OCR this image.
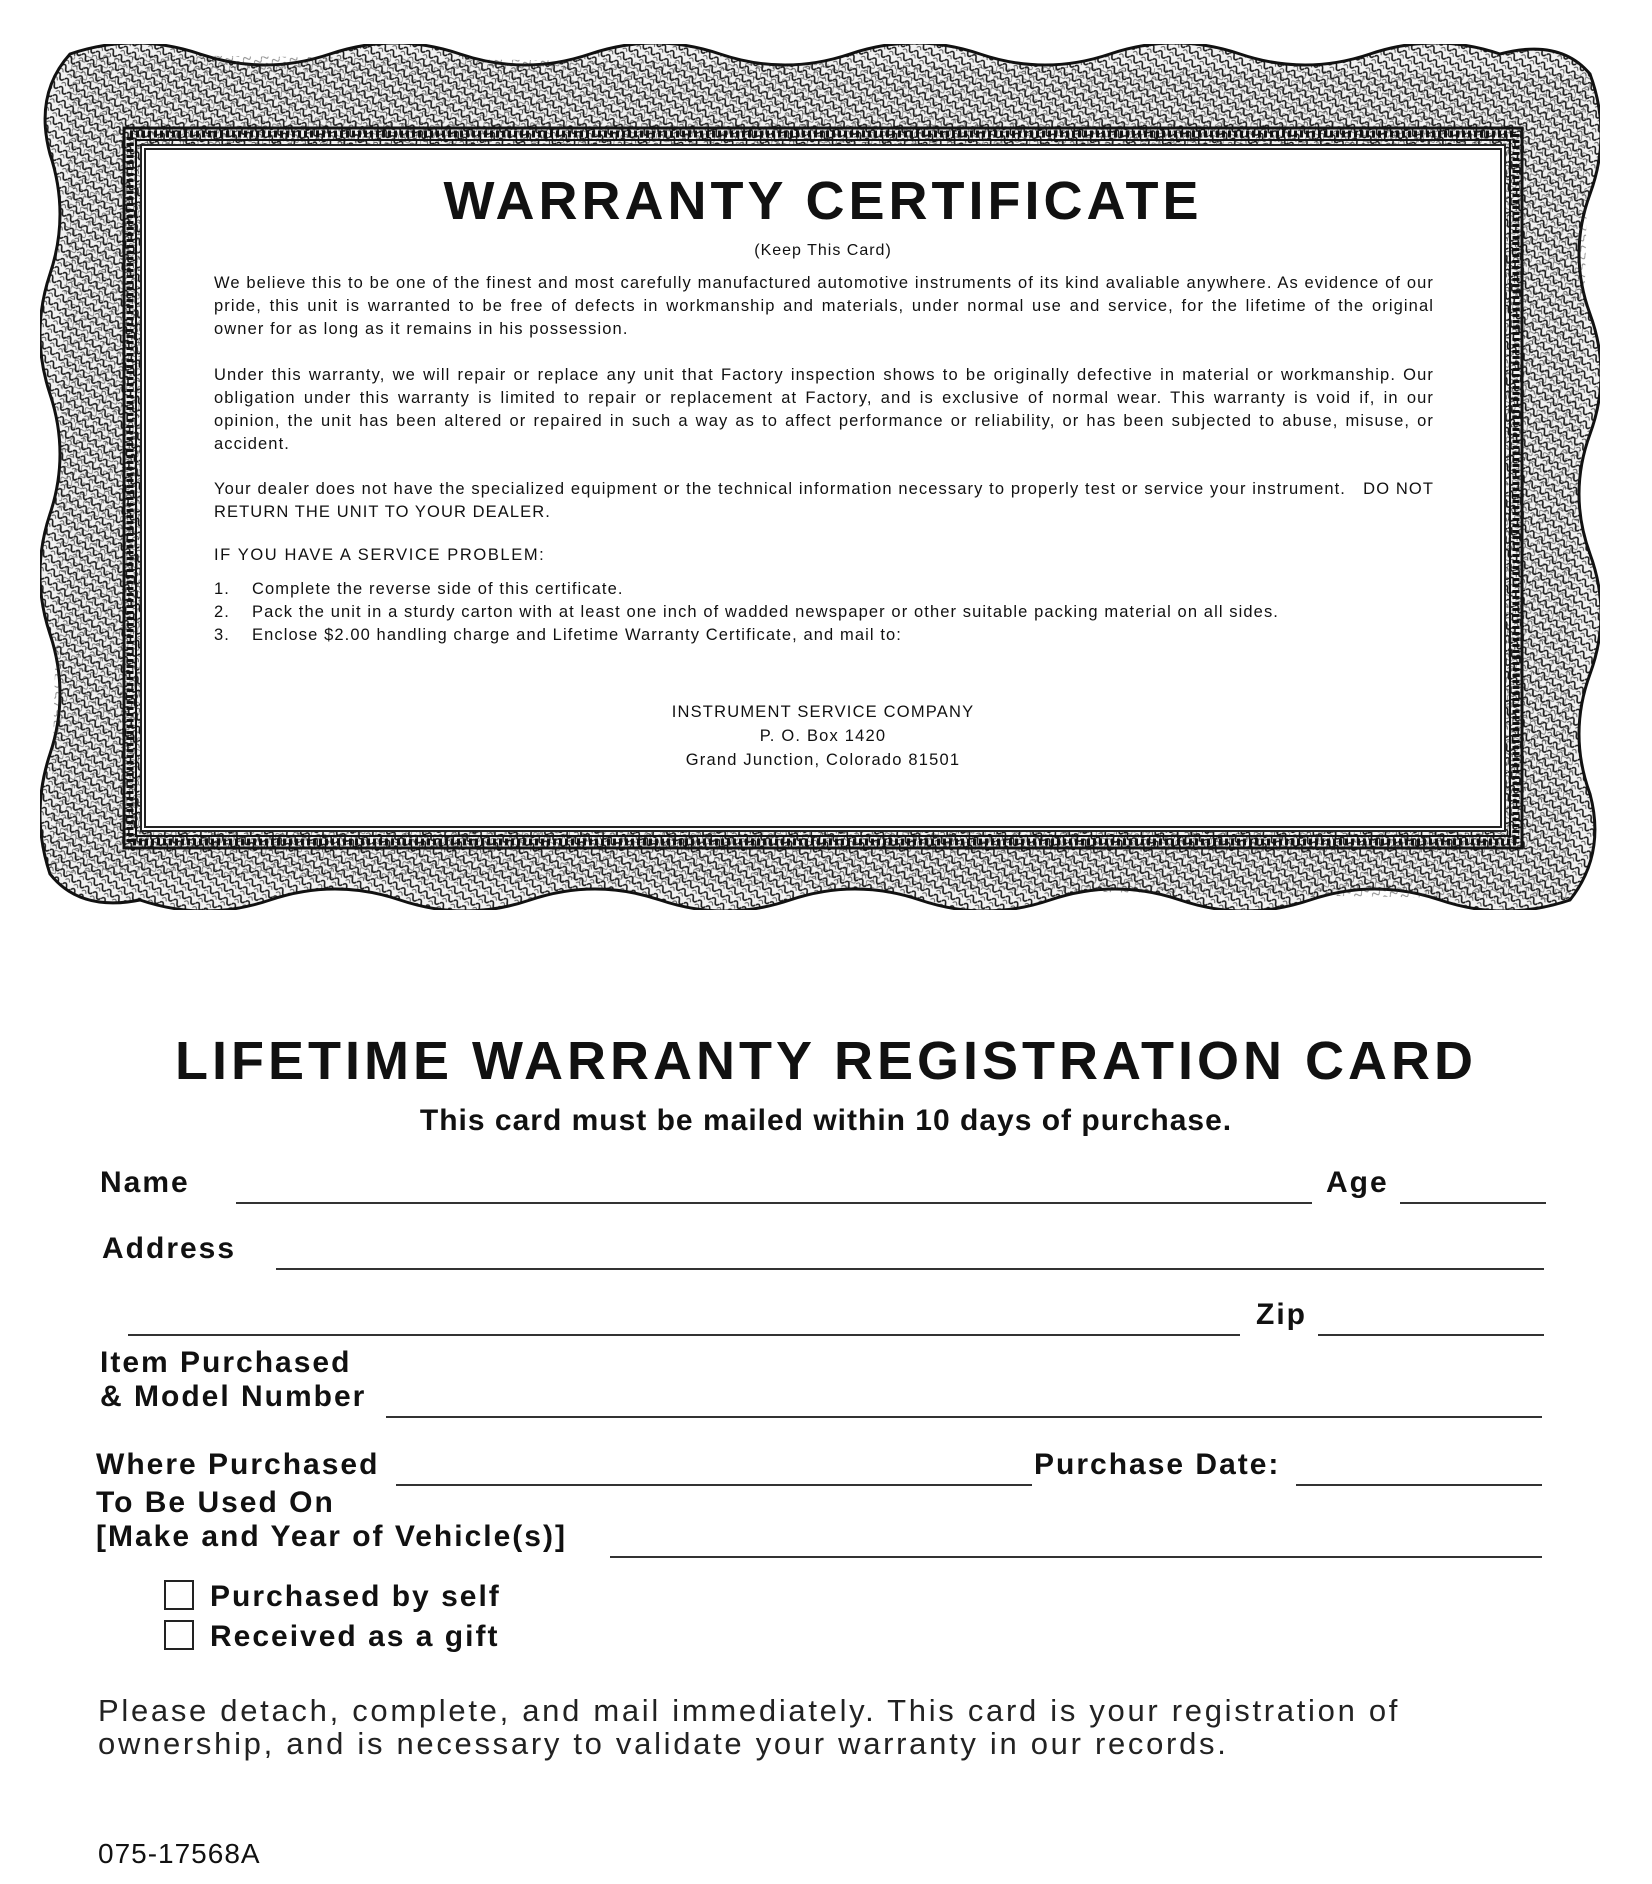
WARRANTY CERTIFICATE
(Keep This Card)
We believe this to be one of the finest and most carefully manufactured automotive instruments of its kind avaliable anywhere. As evidence of our pride, this unit is warranted to be free of defects in workmanship and materials, under normal use and service, for the lifetime of the original owner for as long as it remains in his possession.
Under this warranty, we will repair or replace any unit that Factory inspection shows to be originally defective in material or workmanship. Our obligation under this warranty is limited to repair or replacement at Factory, and is exclusive of normal wear. This warranty is void if, in our opinion, the unit has been altered or repaired in such a way as to affect performance or reliability, or has been subjected to abuse, misuse, or accident.
Your dealer does not have the specialized equipment or the technical information necessary to properly test or service your instrument.   DO NOT RETURN THE UNIT TO YOUR DEALER.
IF YOU HAVE A SERVICE PROBLEM:
1. Complete the reverse side of this certificate.
2. Pack the unit in a sturdy carton with at least one inch of wadded newspaper or other suitable packing material on all sides.
3. Enclose $2.00 handling charge and Lifetime Warranty Certificate, and mail to:
INSTRUMENT SERVICE COMPANY
P. O. Box 1420
Grand Junction, Colorado 81501
LIFETIME WARRANTY REGISTRATION CARD
This card must be mailed within 10 days of purchase.
Name	Age
Address
Zip
Item Purchased
& Model Number
Where Purchased	Purchase Date:
To Be Used On
[Make and Year of Vehicle(s)]
Purchased by self
Received as a gift
Please detach, complete, and mail immediately. This card is your registration of ownership, and is necessary to validate your warranty in our records.
075-17568A
